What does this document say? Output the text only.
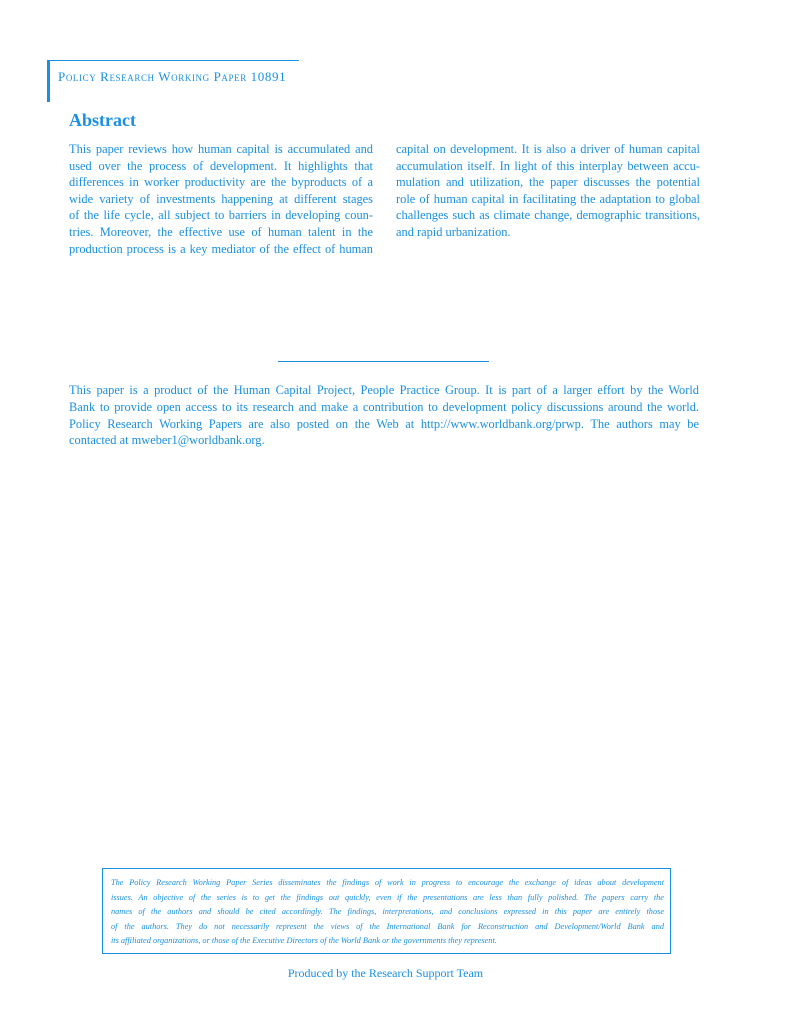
Policy Research Working Paper 10891
Abstract
This paper reviews how human capital is accumulated and
used over the process of development. It highlights that
differences in worker productivity are the byproducts of a
wide variety of investments happening at different stages
of the life cycle, all subject to barriers in developing coun-
tries. Moreover, the effective use of human talent in the
production process is a key mediator of the effect of human
capital on development. It is also a driver of human capital
accumulation itself. In light of this interplay between accu-
mulation and utilization, the paper discusses the potential
role of human capital in facilitating the adaptation to global
challenges such as climate change, demographic transitions,
and rapid urbanization.
This paper is a product of the Human Capital Project, People Practice Group. It is part of a larger effort by the World
Bank to provide open access to its research and make a contribution to development policy discussions around the world.
Policy Research Working Papers are also posted on the Web at http://www.worldbank.org/prwp. The authors may be
contacted at mweber1@worldbank.org.
The Policy Research Working Paper Series disseminates the findings of work in progress to encourage the exchange of ideas about development
issues. An objective of the series is to get the findings out quickly, even if the presentations are less than fully polished. The papers carry the
names of the authors and should be cited accordingly. The findings, interpretations, and conclusions expressed in this paper are entirely those
of the authors. They do not necessarily represent the views of the International Bank for Reconstruction and Development/World Bank and
its affiliated organizations, or those of the Executive Directors of the World Bank or the governments they represent.
Produced by the Research Support Team
